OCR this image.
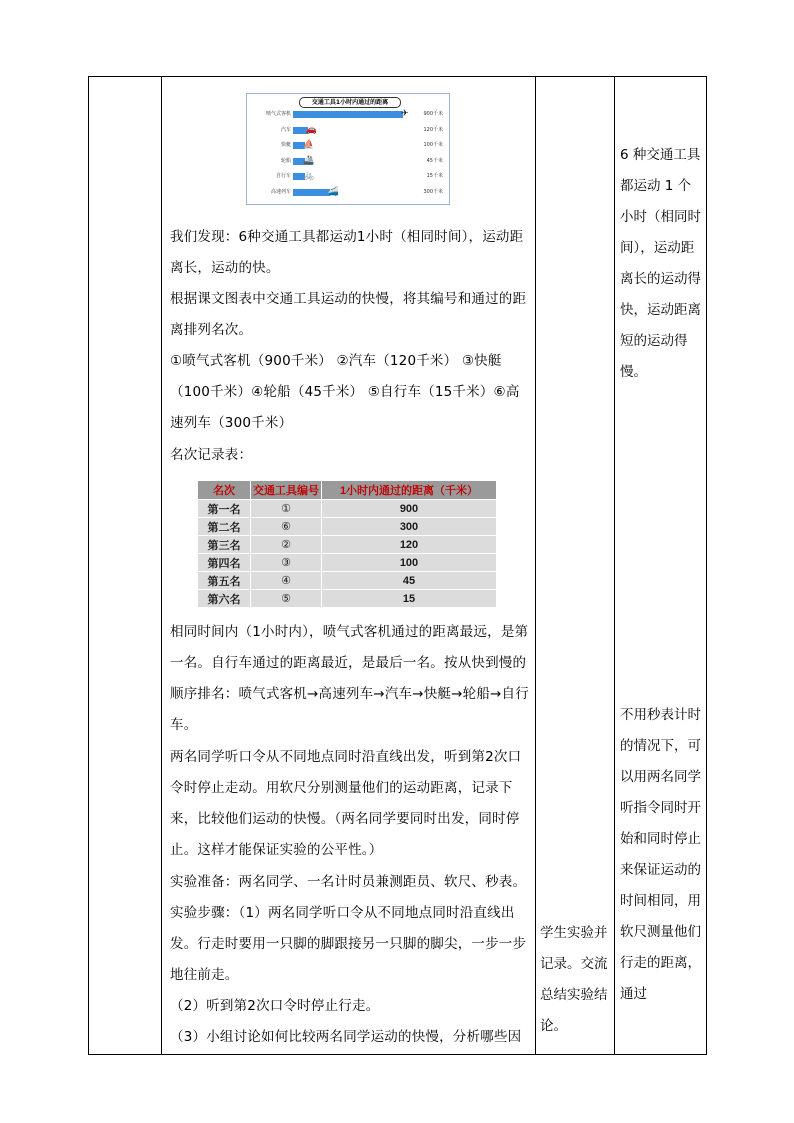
交通工具1小时内通过的距离
喷气式客机	✈	900千米
汽车 🚗	120千米
快艇 ⛵	100千米
轮船 🚢	45千米
自行车 🚲	15千米
高速列车	🚄	300千米
我们发现：6种交通工具都运动1小时（相同时间），运动距离长，运动的快。
根据课文图表中交通工具运动的快慢，将其编号和通过的距离排列名次。
①喷气式客机（900千米） ②汽车（120千米） ③快艇（100千米）④轮船（45千米） ⑤自行车（15千米）⑥高速列车（300千米）
名次记录表：
名次	交通工具编号	1小时内通过的距离（千米）
第一名	①	900
第二名	⑥	300
第三名	②	120
第四名	③	100
第五名	④	45
第六名	⑤	15
相同时间内（1小时内），喷气式客机通过的距离最远，是第一名。自行车通过的距离最近，是最后一名。按从快到慢的顺序排名：喷气式客机→高速列车→汽车→快艇→轮船→自行车。
两名同学听口令从不同地点同时沿直线出发，听到第2次口令时停止走动。用软尺分别测量他们的运动距离，记录下来，比较他们运动的快慢。（两名同学要同时出发，同时停止。这样才能保证实验的公平性。）
实验准备：两名同学、一名计时员兼测距员、软尺、秒表。
实验步骤：（1）两名同学听口令从不同地点同时沿直线出发。行走时要用一只脚的脚跟接另一只脚的脚尖，一步一步地往前走。
（2）听到第2次口令时停止行走。
（3）小组讨论如何比较两名同学运动的快慢，分析哪些因
学生实验并记录。交流总结实验结论。
6 种交通工具都运动 1 个小时（相同时间），运动距 离长的运动得快，运动距离短的运动得慢。
不用秒表计时的情况下，可以用两名同学听指令同时开始和同时停止来保证运动的时间相同，用软尺测量他们行走的距离，通过
